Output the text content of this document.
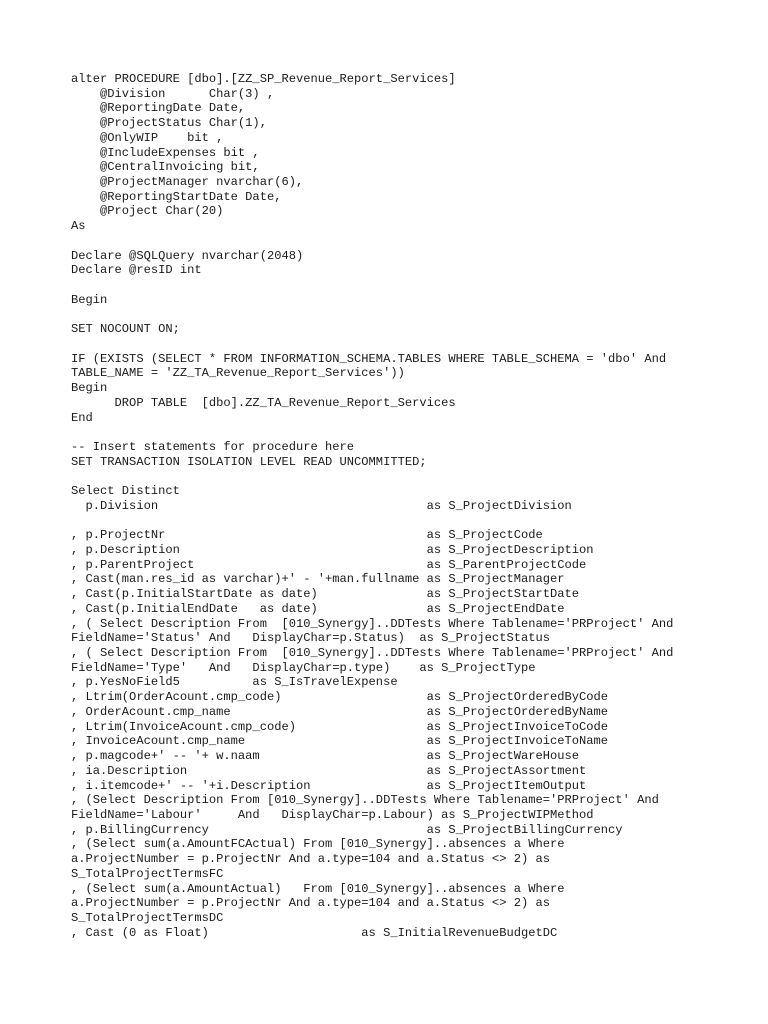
alter PROCEDURE [dbo].[ZZ_SP_Revenue_Report_Services]
@Division      Char(3) ,
@ReportingDate Date,
@ProjectStatus Char(1),
@OnlyWIP    bit ,
@IncludeExpenses bit ,
@CentralInvoicing bit,
@ProjectManager nvarchar(6),
@ReportingStartDate Date,
@Project Char(20)
As
Declare @SQLQuery nvarchar(2048)
Declare @resID int
Begin
SET NOCOUNT ON;
IF (EXISTS (SELECT * FROM INFORMATION_SCHEMA.TABLES WHERE TABLE_SCHEMA = 'dbo' And
TABLE_NAME = 'ZZ_TA_Revenue_Report_Services'))
Begin
DROP TABLE  [dbo].ZZ_TA_Revenue_Report_Services
End
-- Insert statements for procedure here
SET TRANSACTION ISOLATION LEVEL READ UNCOMMITTED;
Select Distinct
p.Division                                     as S_ProjectDivision
, p.ProjectNr                                    as S_ProjectCode
, p.Description                                  as S_ProjectDescription
, p.ParentProject                                as S_ParentProjectCode
, Cast(man.res_id as varchar)+' - '+man.fullname as S_ProjectManager
, Cast(p.InitialStartDate as date)               as S_ProjectStartDate
, Cast(p.InitialEndDate   as date)               as S_ProjectEndDate
, ( Select Description From  [010_Synergy]..DDTests Where Tablename='PRProject' And
FieldName='Status' And   DisplayChar=p.Status)  as S_ProjectStatus
, ( Select Description From  [010_Synergy]..DDTests Where Tablename='PRProject' And
FieldName='Type'   And   DisplayChar=p.type)    as S_ProjectType
, p.YesNoField5          as S_IsTravelExpense
, Ltrim(OrderAcount.cmp_code)                    as S_ProjectOrderedByCode
, OrderAcount.cmp_name                           as S_ProjectOrderedByName
, Ltrim(InvoiceAcount.cmp_code)                  as S_ProjectInvoiceToCode
, InvoiceAcount.cmp_name                         as S_ProjectInvoiceToName
, p.magcode+' -- '+ w.naam                       as S_ProjectWareHouse
, ia.Description                                 as S_ProjectAssortment
, i.itemcode+' -- '+i.Description                as S_ProjectItemOutput
, (Select Description From [010_Synergy]..DDTests Where Tablename='PRProject' And
FieldName='Labour'     And   DisplayChar=p.Labour) as S_ProjectWIPMethod
, p.BillingCurrency                              as S_ProjectBillingCurrency
, (Select sum(a.AmountFCActual) From [010_Synergy]..absences a Where
a.ProjectNumber = p.ProjectNr And a.type=104 and a.Status <> 2) as
S_TotalProjectTermsFC
, (Select sum(a.AmountActual)   From [010_Synergy]..absences a Where
a.ProjectNumber = p.ProjectNr And a.type=104 and a.Status <> 2) as
S_TotalProjectTermsDC
, Cast (0 as Float)                     as S_InitialRevenueBudgetDC
